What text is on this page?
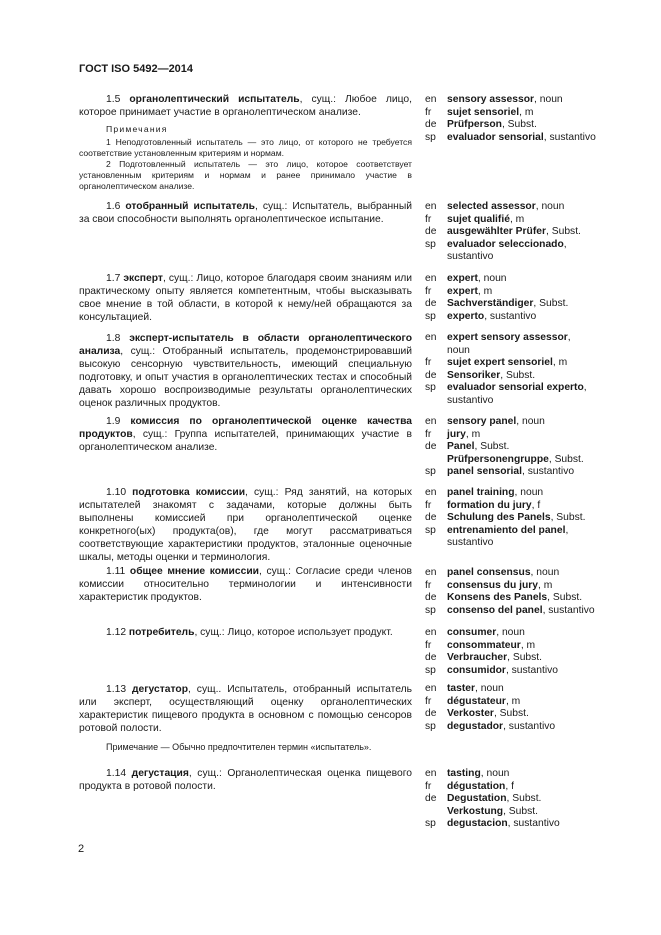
ГОСТ ISO 5492—2014

1.5 органолептический испытатель, сущ.: Любое лицо, которое принимает участие в органолептическом анализе.

Примечания

1 Неподготовленный испытатель — это лицо, от которого не требуется соответствие установленным критериям и нормам.

2 Подготовленный испытатель — это лицо, которое соответствует установленным критериям и нормам и ранее принимало участие в органолептическом анализе.

1.6 отобранный испытатель, сущ.: Испытатель, выбранный за свои способности выполнять органолептическое испытание.

1.7 эксперт, сущ.: Лицо, которое благодаря своим знаниям или практическому опыту является компетентным, чтобы высказывать свое мнение в той области, в которой к нему/ней обращаются за консультацией.

1.8 эксперт-испытатель в области органолептического анализа, сущ.: Отобранный испытатель, продемонстрировавший высокую сенсорную чувствительность, имеющий специальную подготовку, и опыт участия в органолептических тестах и способный давать хорошо воспроизводимые результаты органолептических оценок различных продуктов.

1.9 комиссия по органолептической оценке качества продуктов, сущ.: Группа испытателей, принимающих участие в органолептическом анализе.

1.10 подготовка комиссии, сущ.: Ряд занятий, на которых испытателей знакомят с задачами, которые должны быть выполнены комиссией при органолептической оценке конкретного(ых) продукта(ов), где могут рассматриваться соответствующие характеристики продуктов, эталонные оценочные шкалы, методы оценки и терминология.

1.11 общее мнение комиссии, сущ.: Согласие среди членов комиссии относительно терминологии и интенсивности характеристик продуктов.

1.12 потребитель, сущ.: Лицо, которое использует продукт.

1.13 дегустатор, сущ.. Испытатель, отобранный испытатель или эксперт, осуществляющий оценку органолептических характеристик пищевого продукта в основном с помощью сенсоров ротовой полости.

Примечание — Обычно предпочтителен термин «испытатель».

1.14 дегустация, сущ.: Органолептическая оценка пищевого продукта в ротовой полости.

en sensory assessor, noun
fr sujet sensoriel, m
de Prüfperson, Subst.
sp evaluador sensorial, sustantivo
en selected assessor, noun
fr sujet qualifié, m
de ausgewählter Prüfer, Subst.
sp evaluador seleccionado,
sustantivo
en expert, noun
fr expert, m
de Sachverständiger, Subst.
sp experto, sustantivo
en expert sensory assessor,
noun
fr sujet expert sensoriel, m
de Sensoriker, Subst.
sp evaluador sensorial experto,
sustantivo
en sensory panel, noun
fr jury, m
de Panel, Subst.
Prüfpersonengruppe, Subst.
sp panel sensorial, sustantivo
en panel training, noun
fr formation du jury, f
de Schulung des Panels, Subst.
sp entrenamiento del panel,
sustantivo
en panel consensus, noun
fr consensus du jury, m
de Konsens des Panels, Subst.
sp consenso del panel, sustantivo
en consumer, noun
fr consommateur, m
de Verbraucher, Subst.
sp consumidor, sustantivo
en taster, noun
fr dégustateur, m
de Verkoster, Subst.
sp degustador, sustantivo
en tasting, noun
fr dégustation, f
de Degustation, Subst.
Verkostung, Subst.
sp degustacion, sustantivo
2
